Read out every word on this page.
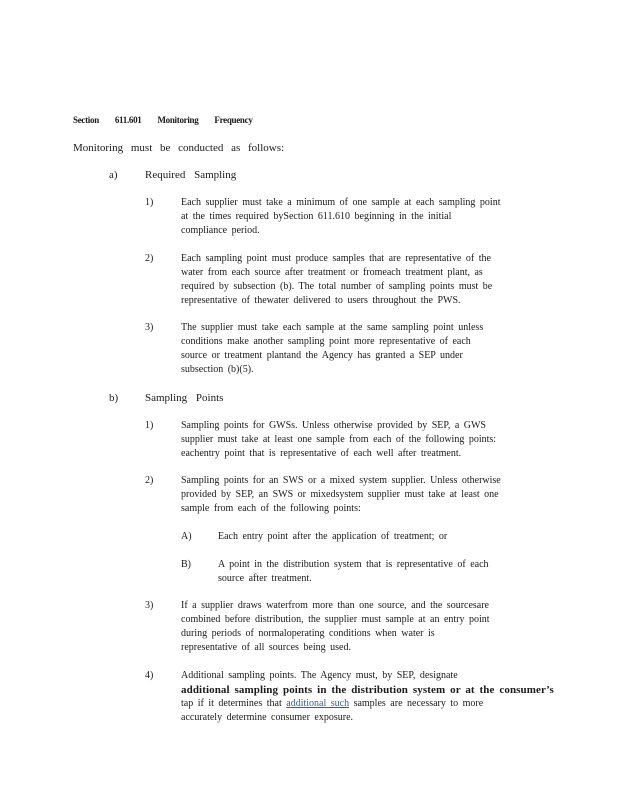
Section 611.601 Monitoring Frequency
Monitoring must be conducted as follows:
a) Required Sampling
1)	Each supplier must take a minimum of one sample at each sampling point
at the times required bySection 611.610 beginning in the initial
compliance period.
2)	Each sampling point must produce samples that are representative of the
water from each source after treatment or fromeach treatment plant, as
required by subsection (b). The total number of sampling points must be
representative of thewater delivered to users throughout the PWS.
3)	The supplier must take each sample at the same sampling point unless
conditions make another sampling point more representative of each
source or treatment plantand the Agency has granted a SEP under
subsection (b)(5).
b) Sampling Points
1)	Sampling points for GWSs. Unless otherwise provided by SEP, a GWS
supplier must take at least one sample from each of the following points:
eachentry point that is representative of each well after treatment.
2)	Sampling points for an SWS or a mixed system supplier. Unless otherwise
provided by SEP, an SWS or mixedsystem supplier must take at least one
sample from each of the following points:
A)	Each entry point after the application of treatment; or
B)	A point in the distribution system that is representative of each
source after treatment.
3)	If a supplier draws waterfrom more than one source, and the sourcesare
combined before distribution, the supplier must sample at an entry point
during periods of normaloperating conditions when water is
representative of all sources being used.
4)	Additional sampling points. The Agency must, by SEP, designate
additional sampling points in the distribution system or at the consumer’s
tap if it determines that additional such samples are necessary to more
accurately determine consumer exposure.
